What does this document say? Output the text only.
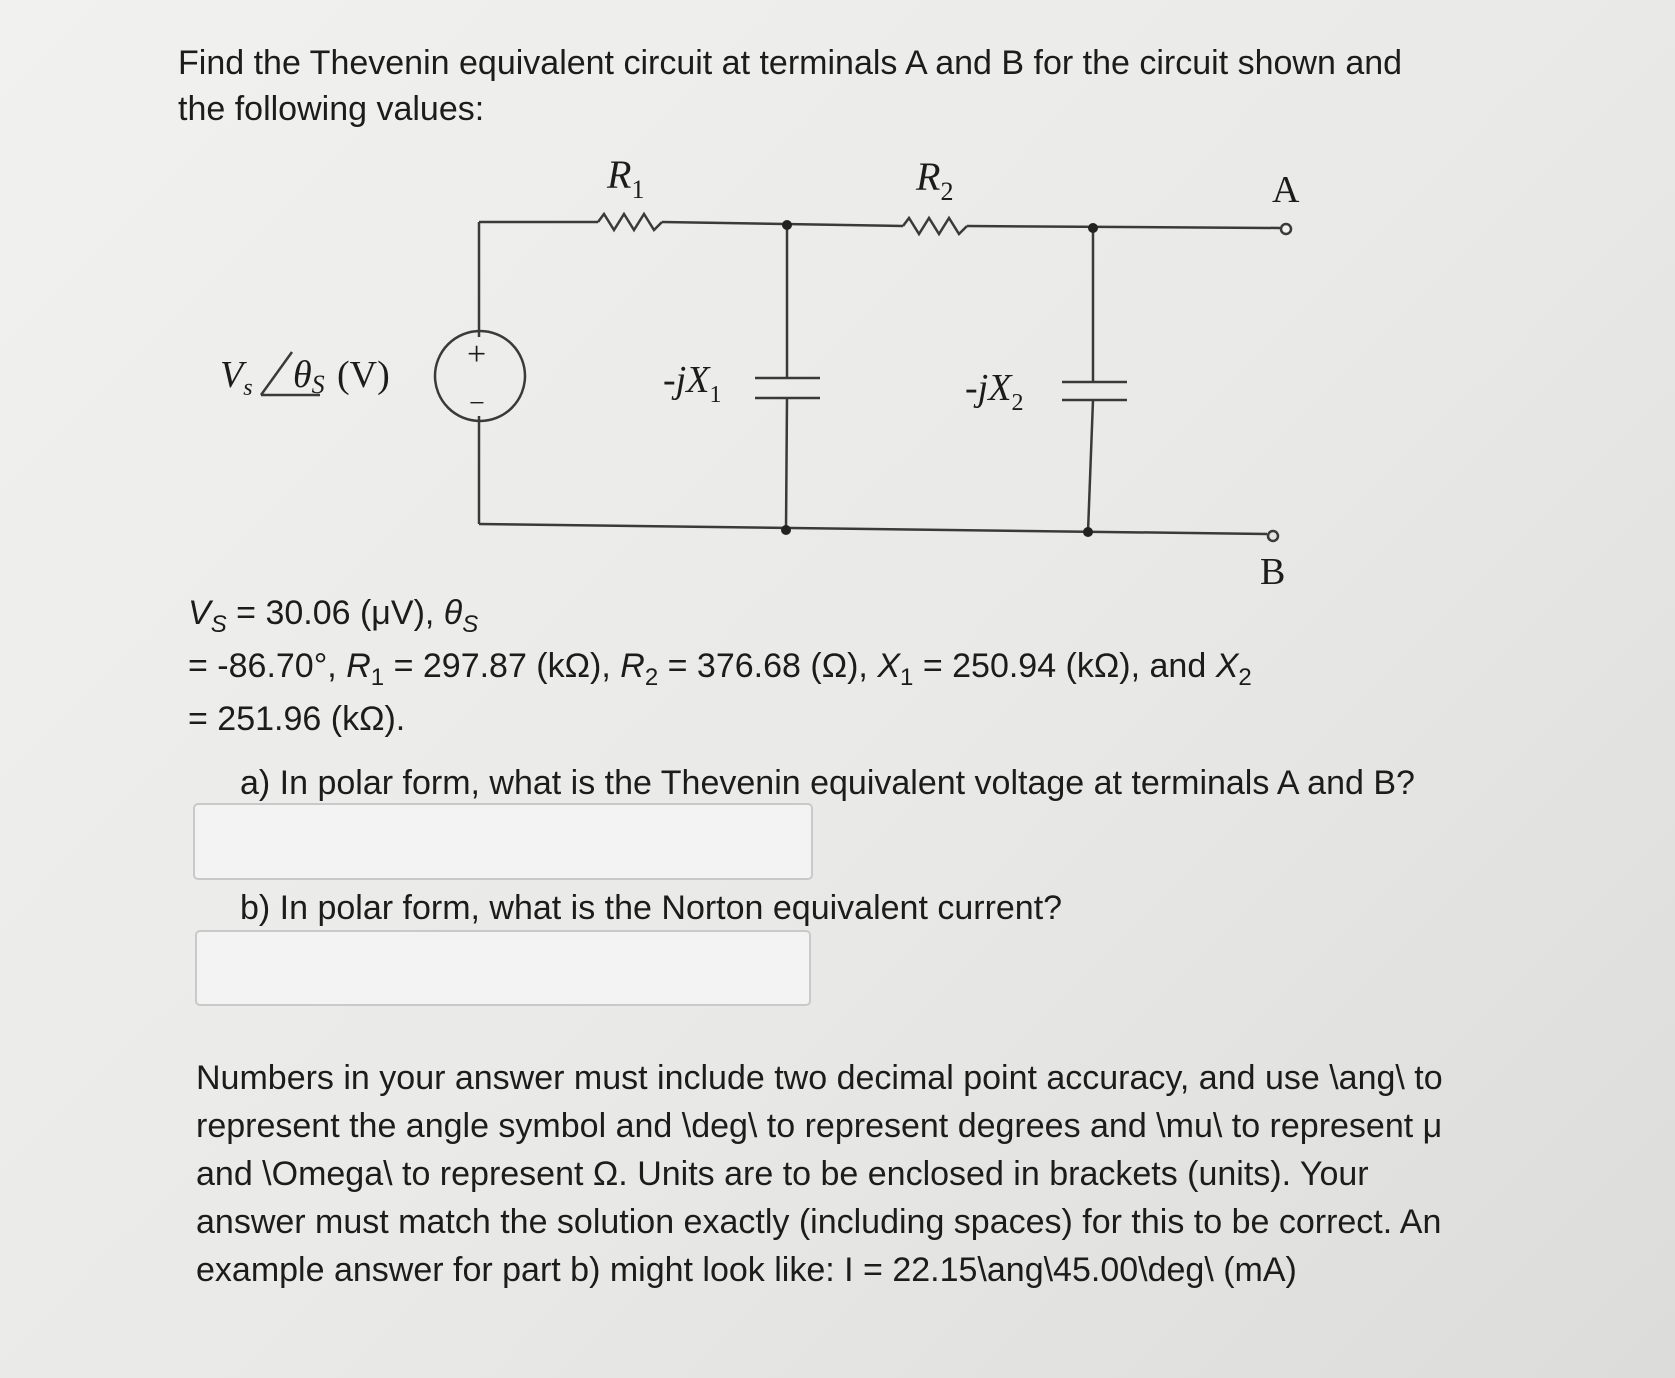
Find the Thevenin equivalent circuit at terminals A and B for the circuit shown and
the following values:
$R_1$	$R_2$	A
B
$V_s$ θS (V) +
−
$-jX_1$	$-jX_2$
$V_S = 30.06$ (μV), $\theta_S$
= -86.70°, $R_1 = 297.87$ (kΩ), $R_2 = 376.68$ (Ω), $X_1 = 250.94$ (kΩ), and $X_2$
= 251.96 (kΩ).
a) In polar form, what is the Thevenin equivalent voltage at terminals A and B?
b) In polar form, what is the Norton equivalent current?
Numbers in your answer must include two decimal point accuracy, and use \ang\ to
represent the angle symbol and \deg\ to represent degrees and \mu\ to represent μ
and \Omega\ to represent Ω. Units are to be enclosed in brackets (units). Your
answer must match the solution exactly (including spaces) for this to be correct. An
example answer for part b) might look like: I = 22.15\ang\45.00\deg\ (mA)
